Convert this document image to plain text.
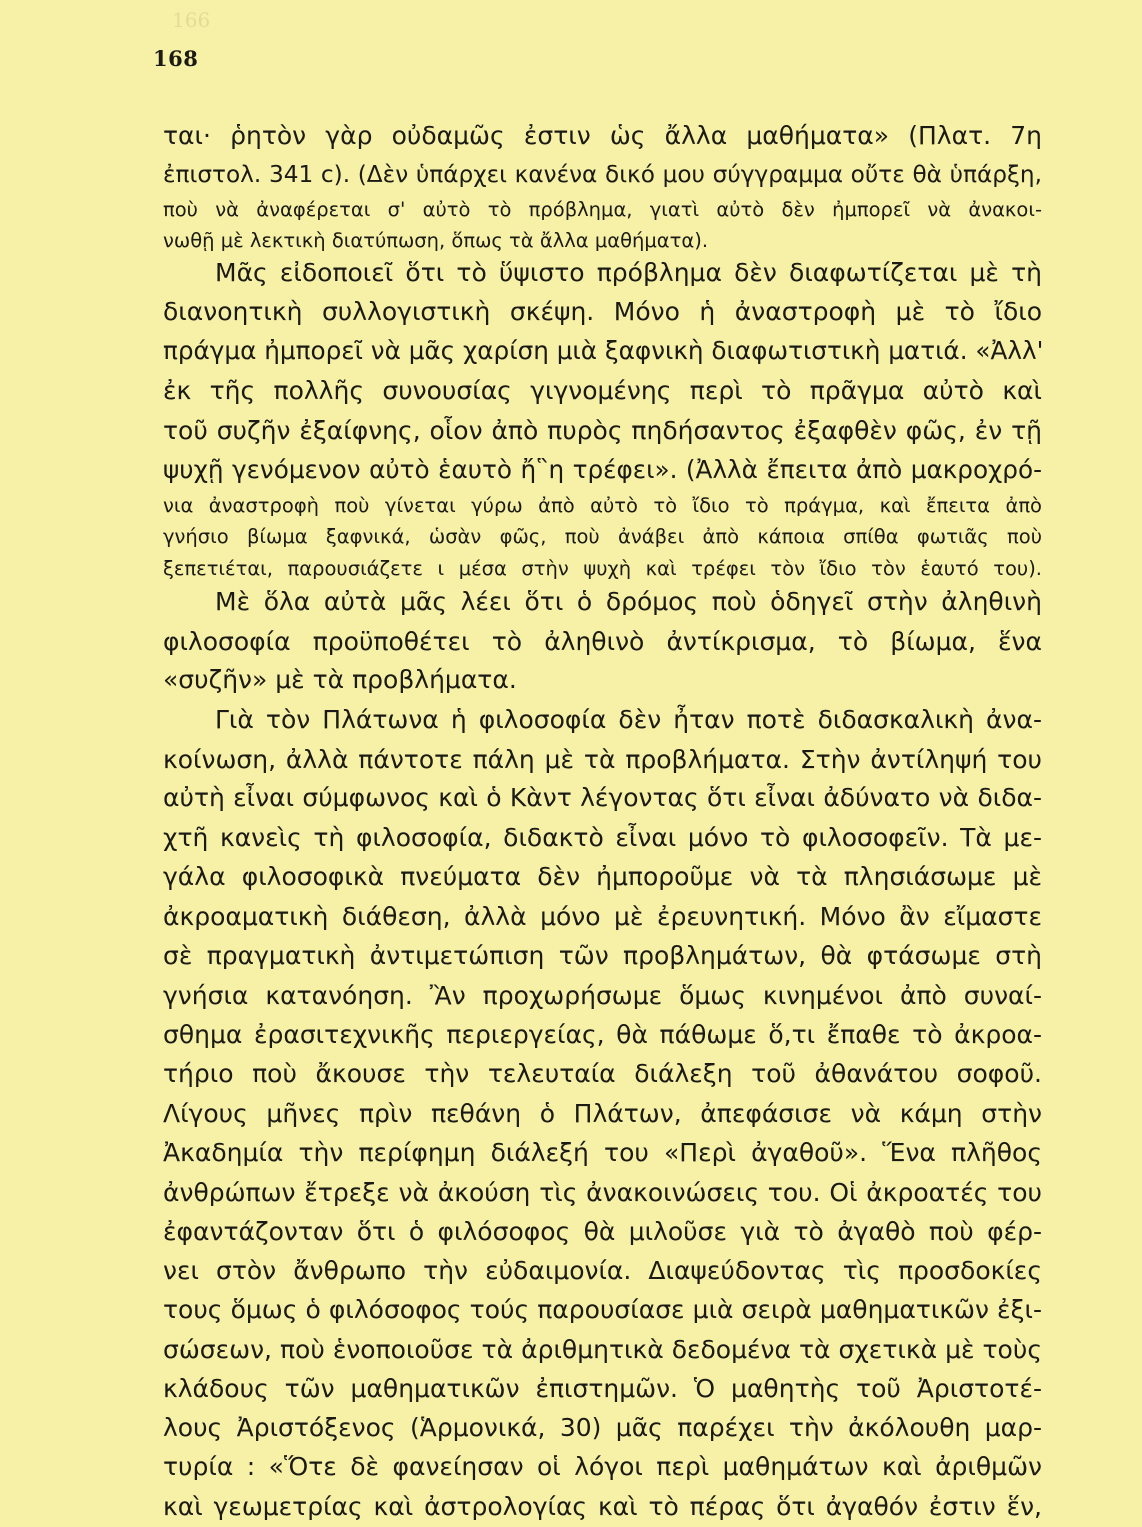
166
168
ται· ῥητὸν γὰρ οὐδαμῶς ἐστιν ὡς ἄλλα μαθήματα» (Πλατ. 7η
ἐπιστολ. 341 c). (Δὲν ὑπάρχει κανένα δικό μου σύγγραμμα οὔτε θὰ ὑπάρξη,
ποὺ νὰ ἀναφέρεται σ' αὐτὸ τὸ πρόβλημα, γιατὶ αὐτὸ δὲν ἠμπορεῖ νὰ ἀνακοι-
νωθῇ μὲ λεκτικὴ διατύπωση, ὅπως τὰ ἄλλα μαθήματα).
Μᾶς εἰδοποιεῖ ὅτι τὸ ὕψιστο πρόβλημα δὲν διαφωτίζεται μὲ τὴ
διανοητικὴ συλλογιστικὴ σκέψη. Μόνο ἡ ἀναστροφὴ μὲ τὸ ἴδιο
πράγμα ἠμπορεῖ νὰ μᾶς χαρίση μιὰ ξαφνικὴ διαφωτιστικὴ ματιά. «Ἀλλ'
ἐκ τῆς πολλῆς συνουσίας γιγνομένης περὶ τὸ πρᾶγμα αὐτὸ καὶ
τοῦ συζῆν ἐξαίφνης, οἷον ἀπὸ πυρὸς πηδήσαντος ἐξαφθὲν φῶς, ἐν τῇ
ψυχῇ γενόμενον αὐτὸ ἑαυτὸ ἤ῝η τρέφει». (Ἀλλὰ ἔπειτα ἀπὸ μακροχρό-
νια ἀναστροφὴ ποὺ γίνεται γύρω ἀπὸ αὐτὸ τὸ ἴδιο τὸ πράγμα, καὶ ἔπειτα ἀπὸ
γνήσιο βίωμα ξαφνικά, ὡσὰν φῶς, ποὺ ἀνάβει ἀπὸ κάποια σπίθα φωτιᾶς ποὺ
ξεπετιέται, παρουσιάζετε ι μέσα στὴν ψυχὴ καὶ τρέφει τὸν ἴδιο τὸν ἑαυτό του).
Μὲ ὅλα αὐτὰ μᾶς λέει ὅτι ὁ δρόμος ποὺ ὁδηγεῖ στὴν ἀληθινὴ
φιλοσοφία προϋποθέτει τὸ ἀληθινὸ ἀντίκρισμα, τὸ βίωμα, ἕνα
«συζῆν» μὲ τὰ προβλήματα.
Γιὰ τὸν Πλάτωνα ἡ φιλοσοφία δὲν ἦταν ποτὲ διδασκαλικὴ ἀνα-
κοίνωση, ἀλλὰ πάντοτε πάλη μὲ τὰ προβλήματα. Στὴν ἀντίληψή του
αὐτὴ εἶναι σύμφωνος καὶ ὁ Κὰντ λέγοντας ὅτι εἶναι ἀδύνατο νὰ διδα-
χτῆ κανεὶς τὴ φιλοσοφία, διδακτὸ εἶναι μόνο τὸ φιλοσοφεῖν. Τὰ με-
γάλα φιλοσοφικὰ πνεύματα δὲν ἠμποροῦμε νὰ τὰ πλησιάσωμε μὲ
ἀκροαματικὴ διάθεση, ἀλλὰ μόνο μὲ ἐρευνητική. Μόνο ἂν εἴμαστε
σὲ πραγματικὴ ἀντιμετώπιση τῶν προβλημάτων, θὰ φτάσωμε στὴ
γνήσια κατανόηση. Ἂν προχωρήσωμε ὅμως κινημένοι ἀπὸ συναί-
σθημα ἐρασιτεχνικῆς περιεργείας, θὰ πάθωμε ὅ,τι ἔπαθε τὸ ἀκροα-
τήριο ποὺ ἄκουσε τὴν τελευταία διάλεξη τοῦ ἀθανάτου σοφοῦ.
Λίγους μῆνες πρὶν πεθάνη ὁ Πλάτων, ἀπεφάσισε νὰ κάμη στὴν
Ἀκαδημία τὴν περίφημη διάλεξή του «Περὶ ἀγαθοῦ». Ἕνα πλῆθος
ἀνθρώπων ἔτρεξε νὰ ἀκούση τὶς ἀνακοινώσεις του. Οἱ ἀκροατές του
ἐφαντάζονταν ὅτι ὁ φιλόσοφος θὰ μιλοῦσε γιὰ τὸ ἀγαθὸ ποὺ φέρ-
νει στὸν ἄνθρωπο τὴν εὐδαιμονία. Διαψεύδοντας τὶς προσδοκίες
τους ὅμως ὁ φιλόσοφος τούς παρουσίασε μιὰ σειρὰ μαθηματικῶν ἐξι-
σώσεων, ποὺ ἑνοποιοῦσε τὰ ἀριθμητικὰ δεδομένα τὰ σχετικὰ μὲ τοὺς
κλάδους τῶν μαθηματικῶν ἐπιστημῶν. Ὁ μαθητὴς τοῦ Ἀριστοτέ-
λους Ἀριστόξενος (Ἁρμονικά, 30) μᾶς παρέχει τὴν ἀκόλουθη μαρ-
τυρία : «Ὅτε δὲ φανείησαν οἱ λόγοι περὶ μαθημάτων καὶ ἀριθμῶν
καὶ γεωμετρίας καὶ ἀστρολογίας καὶ τὸ πέρας ὅτι ἀγαθόν ἐστιν ἕν,
